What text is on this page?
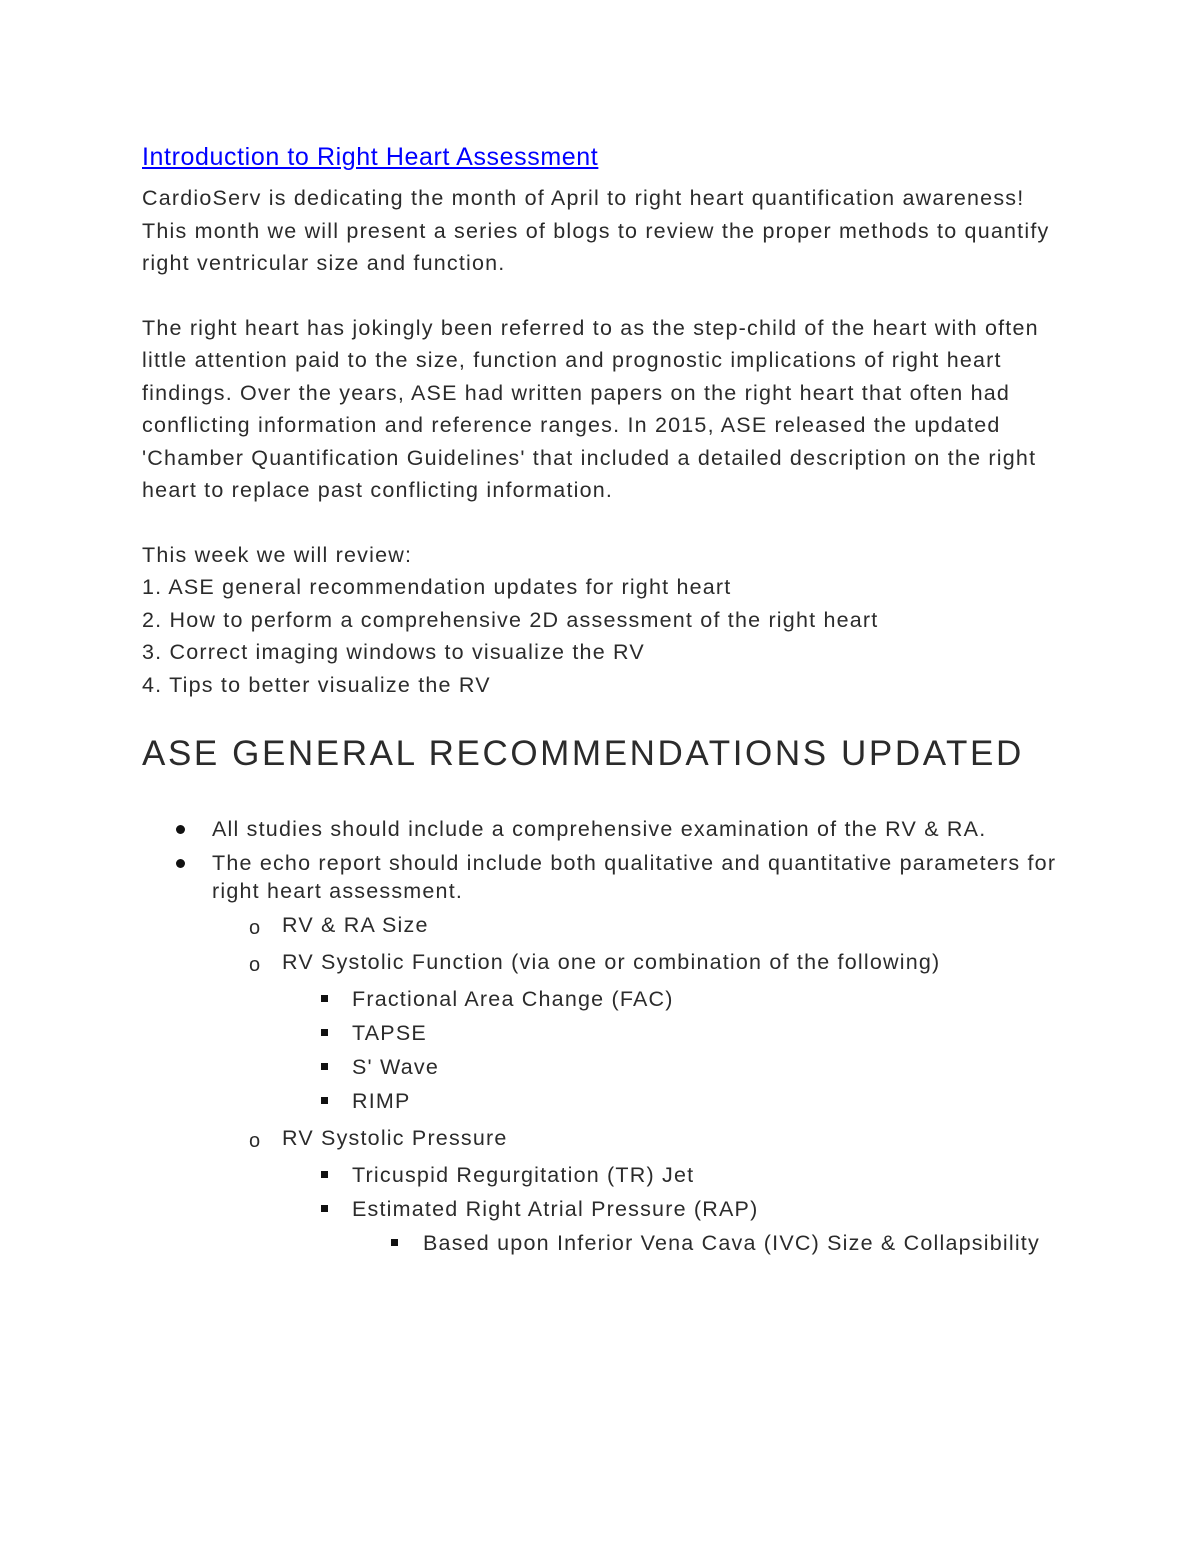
Introduction to Right Heart Assessment

CardioServ is dedicating the month of April to right heart quantification awareness! This month we will present a series of blogs to review the proper methods to quantify right ventricular size and function.

The right heart has jokingly been referred to as the step-child of the heart with often little attention paid to the size, function and prognostic implications of right heart findings. Over the years, ASE had written papers on the right heart that often had conflicting information and reference ranges. In 2015, ASE released the updated 'Chamber Quantification Guidelines' that included a detailed description on the right heart to replace past conflicting information.

This week we will review:

1. ASE general recommendation updates for right heart

2. How to perform a comprehensive 2D assessment of the right heart

3. Correct imaging windows to visualize the RV

4. Tips to better visualize the RV

ASE GENERAL RECOMMENDATIONS UPDATED
All studies should include a comprehensive examination of the RV & RA.
The echo report should include both qualitative and quantitative parameters for right heart assessment.
o RV & RA Size
o RV Systolic Function (via one or combination of the following)
Fractional Area Change (FAC)
TAPSE
S' Wave
RIMP
o RV Systolic Pressure
Tricuspid Regurgitation (TR) Jet
Estimated Right Atrial Pressure (RAP)
Based upon Inferior Vena Cava (IVC) Size & Collapsibility
